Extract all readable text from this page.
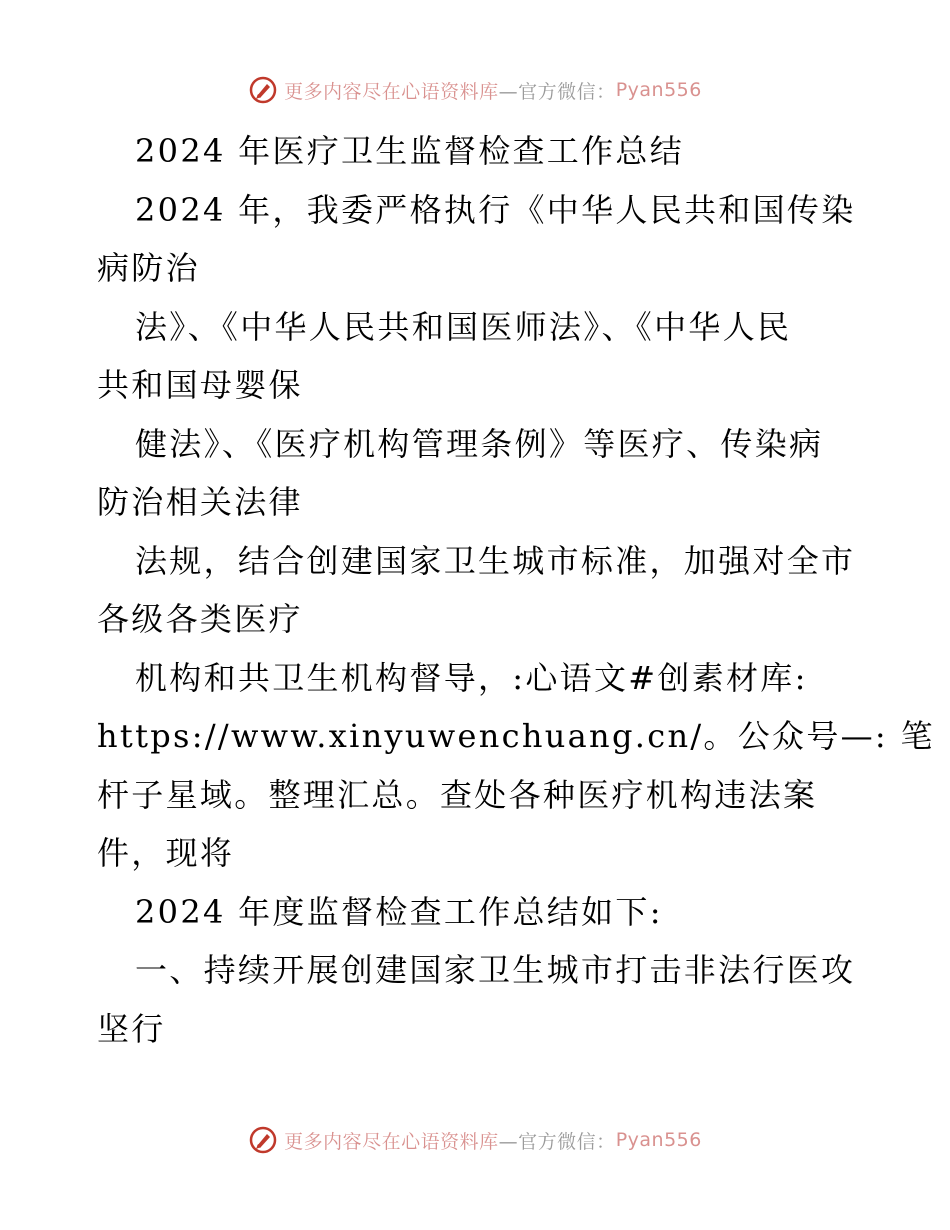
更多内容尽在心语资料库 —官方微信： Pyan556
2024 年医疗卫生监督检查工作总结
2024 年，我委严格执行《中华人民共和国传染
病防治
法》、《中华人民共和国医师法》、《中华人民
共和国母婴保
健法》、《医疗机构管理条例》等医疗、传染病
防治相关法律
法规，结合创建国家卫生城市标准，加强对全市
各级各类医疗
机构和共卫生机构督导，:心语文#创素材库:
https://www.xinyuwenchuang.cn/。公众号—: 笔
杆子星域。整理汇总。查处各种医疗机构违法案
件，现将
2024 年度监督检查工作总结如下:
一、持续开展创建国家卫生城市打击非法行医攻
坚行
更多内容尽在心语资料库 —官方微信： Pyan556
